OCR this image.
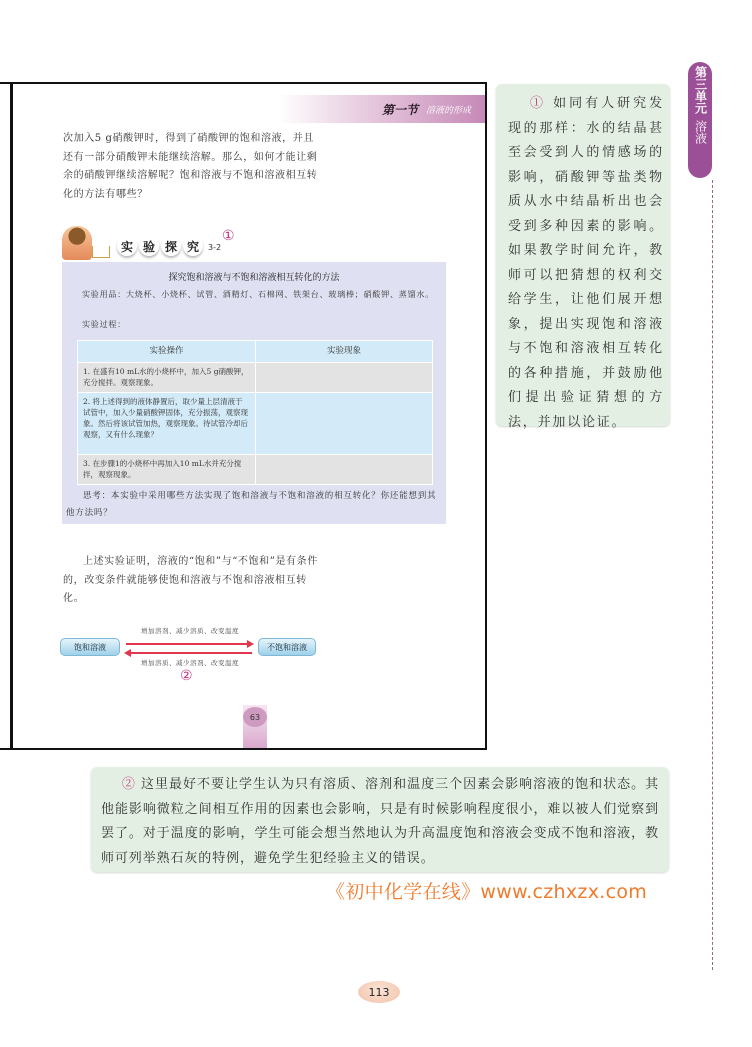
第一节 溶液的形成

次加入5 g硝酸钾时，得到了硝酸钾的饱和溶液，并且还有一部分硝酸钾未能继续溶解。那么，如何才能让剩余的硝酸钾继续溶解呢？饱和溶液与不饱和溶液相互转化的方法有哪些？

实 验 探 究	3-2
①
探究饱和溶液与不饱和溶液相互转化的方法
实验用品：大烧杯、小烧杯、试管、酒精灯、石棉网、铁架台、玻璃棒；硝酸钾、蒸馏水。
实验过程：
实验操作	实验现象
1. 在盛有10 mL水的小烧杯中，加入5 g硝酸钾，充分搅拌。观察现象。	
2. 将上述得到的液体静置后，取少量上层清液于试管中，加入少量硝酸钾固体，充分振荡，观察现象。然后将该试管加热，观察现象。待试管冷却后观察，又有什么现象？	
3. 在步骤1的小烧杯中再加入10 mL水并充分搅拌，观察现象。	
思考：本实验中采用哪些方法实现了饱和溶液与不饱和溶液的相互转化？你还能想到其他方法吗？

上述实验证明，溶液的“饱和”与“不饱和”是有条件的，改变条件就能够使饱和溶液与不饱和溶液相互转化。

增加溶剂、减少溶质、改变温度
饱和溶液	不饱和溶液
增加溶质、减少溶剂、改变温度
②
63
① 如同有人研究发现的那样：水的结晶甚至会受到人的情感场的影响，硝酸钾等盐类物质从水中结晶析出也会受到多种因素的影响。如果教学时间允许，教师可以把猜想的权利交给学生，让他们展开想象，提出实现饱和溶液与不饱和溶液相互转化的各种措施，并鼓励他们提出验证猜想的方法，并加以论证。
② 这里最好不要让学生认为只有溶质、溶剂和温度三个因素会影响溶液的饱和状态。其他能影响微粒之间相互作用的因素也会影响，只是有时候影响程度很小，难以被人们觉察到罢了。对于温度的影响，学生可能会想当然地认为升高温度饱和溶液会变成不饱和溶液，教师可列举熟石灰的特例，避免学生犯经验主义的错误。
第三单元
溶液
《初中化学在线》www.czhxzx.com
113
